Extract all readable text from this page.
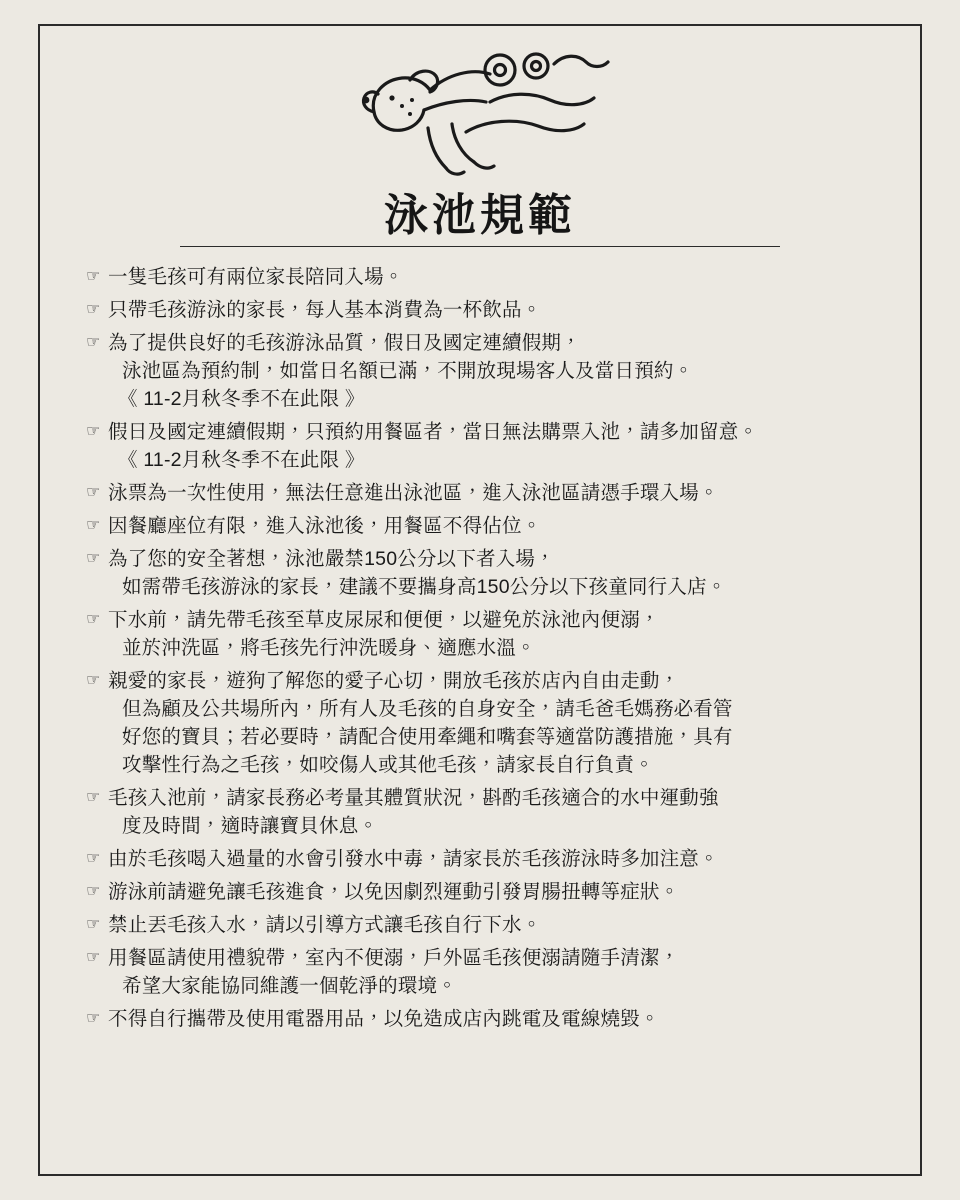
泳池規範
☞ 一隻毛孩可有兩位家長陪同入場。
☞ 只帶毛孩游泳的家長，每人基本消費為一杯飲品。
☞ 為了提供良好的毛孩游泳品質，假日及國定連續假期，
泳池區為預約制，如當日名額已滿，不開放現場客人及當日預約。
《 11-2月秋冬季不在此限 》
☞ 假日及國定連續假期，只預約用餐區者，當日無法購票入池，請多加留意。
《 11-2月秋冬季不在此限 》
☞ 泳票為一次性使用，無法任意進出泳池區，進入泳池區請憑手環入場。
☞ 因餐廳座位有限，進入泳池後，用餐區不得佔位。
☞ 為了您的安全著想，泳池嚴禁150公分以下者入場，
如需帶毛孩游泳的家長，建議不要攜身高150公分以下孩童同行入店。
☞ 下水前，請先帶毛孩至草皮尿尿和便便，以避免於泳池內便溺，
並於沖洗區，將毛孩先行沖洗暖身、適應水溫。
☞ 親愛的家長，遊狗了解您的愛子心切，開放毛孩於店內自由走動，
但為顧及公共場所內，所有人及毛孩的自身安全，請毛爸毛媽務必看管
好您的寶貝；若必要時，請配合使用牽繩和嘴套等適當防護措施，具有
攻擊性行為之毛孩，如咬傷人或其他毛孩，請家長自行負責。
☞ 毛孩入池前，請家長務必考量其體質狀況，斟酌毛孩適合的水中運動強
度及時間，適時讓寶貝休息。
☞ 由於毛孩喝入過量的水會引發水中毒，請家長於毛孩游泳時多加注意。
☞ 游泳前請避免讓毛孩進食，以免因劇烈運動引發胃腸扭轉等症狀。
☞ 禁止丟毛孩入水，請以引導方式讓毛孩自行下水。
☞ 用餐區請使用禮貌帶，室內不便溺，戶外區毛孩便溺請隨手清潔，
希望大家能協同維護一個乾淨的環境。
☞ 不得自行攜帶及使用電器用品，以免造成店內跳電及電線燒毀。
